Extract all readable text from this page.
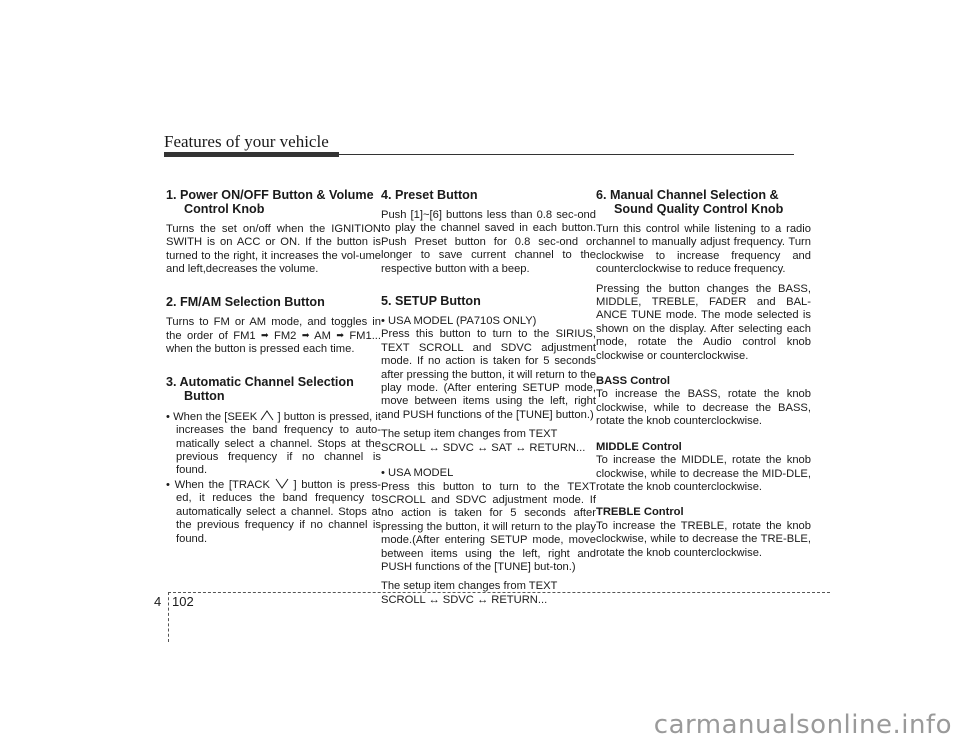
Features of your vehicle
1. Power ON/OFF Button & Volume Control Knob

Turns the set on/off when the IGNITION SWITH is on ACC or ON. If the button is turned to the right, it increases the vol-ume and left,decreases the volume.

2. FM/AM Selection Button

Turns to FM or AM mode, and toggles in the order of FM1 ➡ FM2 ➡ AM ➡ FM1... when the button is pressed each time.

3. Automatic Channel Selection Button

• When the [SEEK ] button is pressed, it increases the band frequency to auto-matically select a channel. Stops at the previous frequency if no channel is found.

• When the [TRACK ] button is press-ed, it reduces the band frequency to automatically select a channel. Stops at the previous frequency if no channel is found.

4. Preset Button

Push [1]~[6] buttons less than 0.8 sec-ond to play the channel saved in each button. Push Preset button for 0.8 sec-ond or longer to save current channel to the respective button with a beep.

5. SETUP Button

• USA MODEL (PA710S ONLY)

Press this button to turn to the SIRIUS, TEXT SCROLL and SDVC adjustment mode. If no action is taken for 5 seconds after pressing the button, it will return to the play mode. (After entering SETUP mode, move between items using the left, right and PUSH functions of the [TUNE] button.)

The setup item changes from TEXT
SCROLL ↔ SDVC ↔ SAT ↔ RETURN...

• USA MODEL

Press this button to turn to the TEXT SCROLL and SDVC adjustment mode. If no action is taken for 5 seconds after pressing the button, it will return to the play mode.(After entering SETUP mode, move between items using the left, right and PUSH functions of the [TUNE] but-ton.)

The setup item changes from TEXT
SCROLL ↔ SDVC ↔ RETURN...

6. Manual Channel Selection & Sound Quality Control Knob

Turn this control while listening to a radio channel to manually adjust frequency. Turn clockwise to increase frequency and counterclockwise to reduce frequency.

Pressing the button changes the BASS, MIDDLE, TREBLE, FADER and BAL-ANCE TUNE mode. The mode selected is shown on the display. After selecting each mode, rotate the Audio control knob clockwise or counterclockwise.

BASS Control

To increase the BASS, rotate the knob clockwise, while to decrease the BASS, rotate the knob counterclockwise.

MIDDLE Control

To increase the MIDDLE, rotate the knob clockwise, while to decrease the MID-DLE, rotate the knob counterclockwise.

TREBLE Control

To increase the TREBLE, rotate the knob clockwise, while to decrease the TRE-BLE, rotate the knob counterclockwise.

4 102
carmanualsonline.info
